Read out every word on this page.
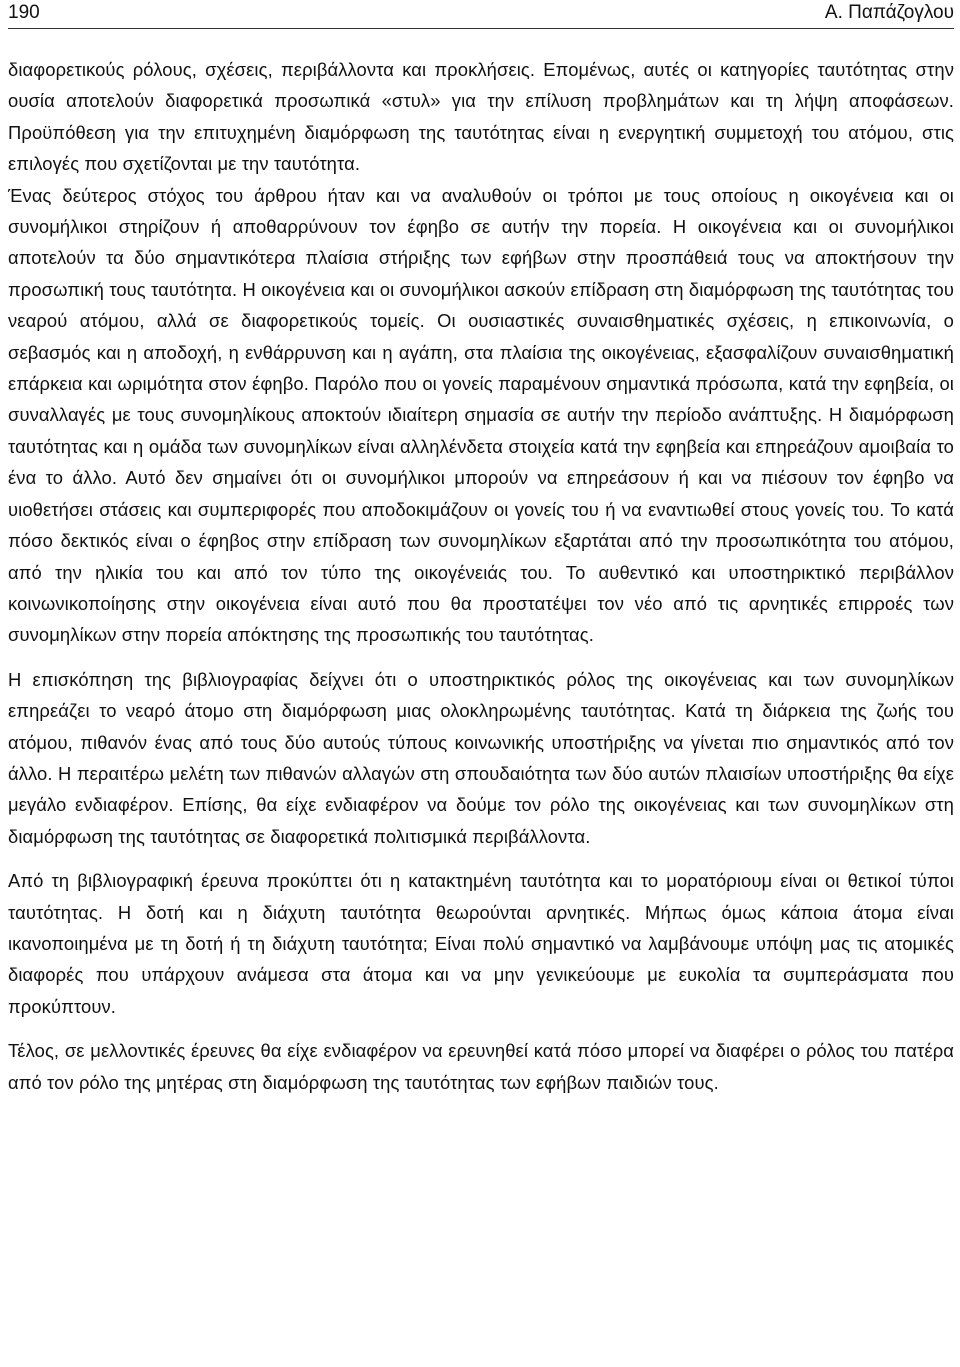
190	Α. Παπάζογλου

διαφορετικούς ρόλους, σχέσεις, περιβάλλοντα και προκλήσεις. Επομένως, αυτές οι κατηγορίες ταυτότητας στην ουσία αποτελούν διαφορετικά προσωπικά «στυλ» για την επίλυση προβλημάτων και τη λήψη αποφάσεων. Προϋπόθεση για την επιτυχημένη διαμόρφωση της ταυτότητας είναι η ενεργητική συμμετοχή του ατόμου, στις επιλογές που σχετίζονται με την ταυτότητα.

Ένας δεύτερος στόχος του άρθρου ήταν και να αναλυθούν οι τρόποι με τους οποίους η οικογένεια και οι συνομήλικοι στηρίζουν ή αποθαρρύνουν τον έφηβο σε αυτήν την πορεία. Η οικογένεια και οι συνομήλικοι αποτελούν τα δύο σημαντικότερα πλαίσια στήριξης των εφήβων στην προσπάθειά τους να αποκτήσουν την προσωπική τους ταυτότητα. Η οικογένεια και οι συνομήλικοι ασκούν επίδραση στη διαμόρφωση της ταυτότητας του νεαρού ατόμου, αλλά σε διαφορετικούς τομείς. Οι ουσιαστικές συναισθηματικές σχέσεις, η επικοινωνία, ο σεβασμός και η αποδοχή, η ενθάρρυνση και η αγάπη, στα πλαίσια της οικογένειας, εξασφαλίζουν συναισθηματική επάρκεια και ωριμότητα στον έφηβο. Παρόλο που οι γονείς παραμένουν σημαντικά πρόσωπα, κατά την εφηβεία, οι συναλλαγές με τους συνομηλίκους αποκτούν ιδιαίτερη σημασία σε αυτήν την περίοδο ανάπτυξης. Η διαμόρφωση ταυτότητας και η ομάδα των συνομηλίκων είναι αλληλένδετα στοιχεία κατά την εφηβεία και επηρεάζουν αμοιβαία το ένα το άλλο. Αυτό δεν σημαίνει ότι οι συνομήλικοι μπορούν να επηρεάσουν ή και να πιέσουν τον έφηβο να υιοθετήσει στάσεις και συμπεριφορές που αποδοκιμάζουν οι γονείς του ή να εναντιωθεί στους γονείς του. Το κατά πόσο δεκτικός είναι ο έφηβος στην επίδραση των συνομηλίκων εξαρτάται από την προσωπικότητα του ατόμου, από την ηλικία του και από τον τύπο της οικογένειάς του. Το αυθεντικό και υποστηρικτικό περιβάλλον κοινωνικοποίησης στην οικογένεια είναι αυτό που θα προστατέψει τον νέο από τις αρνητικές επιρροές των συνομηλίκων στην πορεία απόκτησης της προσωπικής του ταυτότητας.

Η επισκόπηση της βιβλιογραφίας δείχνει ότι ο υποστηρικτικός ρόλος της οικογένειας και των συνομηλίκων επηρεάζει το νεαρό άτομο στη διαμόρφωση μιας ολοκληρωμένης ταυτότητας. Κατά τη διάρκεια της ζωής του ατόμου, πιθανόν ένας από τους δύο αυτούς τύπους κοινωνικής υποστήριξης να γίνεται πιο σημαντικός από τον άλλο. Η περαιτέρω μελέτη των πιθανών αλλαγών στη σπουδαιότητα των δύο αυτών πλαισίων υποστήριξης θα είχε μεγάλο ενδιαφέρον. Επίσης, θα είχε ενδιαφέρον να δούμε τον ρόλο της οικογένειας και των συνομηλίκων στη διαμόρφωση της ταυτότητας σε διαφορετικά πολιτισμικά περιβάλλοντα.

Από τη βιβλιογραφική έρευνα προκύπτει ότι η κατακτημένη ταυτότητα και το μορατόριουμ είναι οι θετικοί τύποι ταυτότητας. Η δοτή και η διάχυτη ταυτότητα θεωρούνται αρνητικές. Μήπως όμως κάποια άτομα είναι ικανοποιημένα με τη δοτή ή τη διάχυτη ταυτότητα; Είναι πολύ σημαντικό να λαμβάνουμε υπόψη μας τις ατομικές διαφορές που υπάρχουν ανάμεσα στα άτομα και να μην γενικεύουμε με ευκολία τα συμπεράσματα που προκύπτουν.

Τέλος, σε μελλοντικές έρευνες θα είχε ενδιαφέρον να ερευνηθεί κατά πόσο μπορεί να διαφέρει ο ρόλος του πατέρα από τον ρόλο της μητέρας στη διαμόρφωση της ταυτότητας των εφήβων παιδιών τους.
